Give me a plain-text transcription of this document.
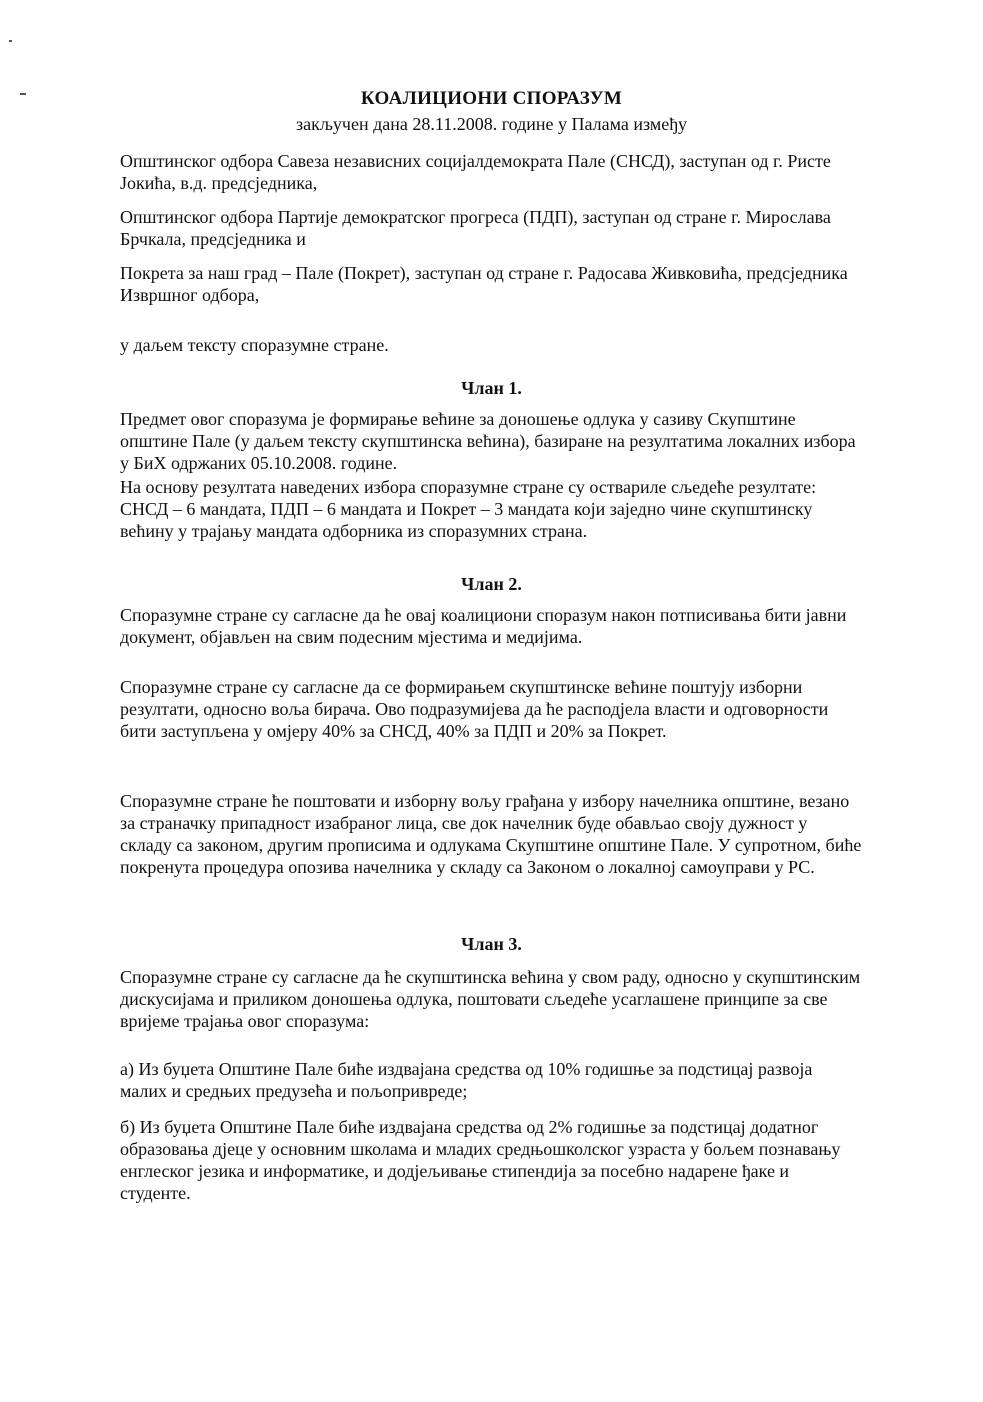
КОАЛИЦИОНИ СПОРАЗУМ
закључен дана 28.11.2008. године у Палама између
Општинског одбора Савеза независних социјалдемократа Пале (СНСД), заступан од г. Ристе Јокића, в.д. предсједника,
Општинског одбора Партије демократског прогреса (ПДП), заступан од стране г. Мирослава Брчкала, предсједника и
Покрета за наш град – Пале (Покрет), заступан од стране г. Радосава Живковића, предсједника Извршног одбора,
у даљем тексту споразумне стране.
Члан 1.
Предмет овог споразума је формирање већине за доношење одлука у сазиву Скупштине општине Пале (у даљем тексту скупштинска већина), базиране на резултатима локалних избора у БиХ одржаних 05.10.2008. године.
На основу резултата наведених избора споразумне стране су оствариле сљедеће резултате: СНСД – 6 мандата, ПДП – 6 мандата и Покрет – 3 мандата који заједно чине скупштинску већину у трајању мандата одборника из споразумних страна.
Члан 2.
Споразумне стране су сагласне да ће овај коалициони споразум након потписивања бити јавни документ, објављен на свим подесним мјестима и медијима.
Споразумне стране су сагласне да се формирањем скупштинске већине поштују изборни резултати, односно воља бирача. Ово подразумијева да ће расподјела власти и одговорности бити заступљена у омјеру 40% за СНСД, 40% за ПДП и 20% за Покрет.
Споразумне стране ће поштовати и изборну вољу грађана у избору начелника општине, везано за страначку припадност изабраног лица, све док начелник буде обављао своју дужност у складу са законом, другим прописима и одлукама Скупштине општине Пале. У супротном, биће покренута процедура опозива начелника у складу са Законом о локалној самоуправи у РС.
Члан 3.
Споразумне стране су сагласне да ће скупштинска већина у свом раду, односно у скупштинским дискусијама и приликом доношења одлука, поштовати сљедеће усаглашене принципе за све вријеме трајања овог споразума:
а) Из буџета Општине Пале биће издвајана средства од 10% годишње за подстицај развоја малих и средњих предузећа и пољопривреде;
б) Из буџета Општине Пале биће издвајана средства од 2% годишње за подстицај додатног образовања дјеце у основним школама и младих средњошколског узраста у бољем познавању енглеског језика и информатике, и додјељивање стипендија за посебно надарене ђаке и студенте.
